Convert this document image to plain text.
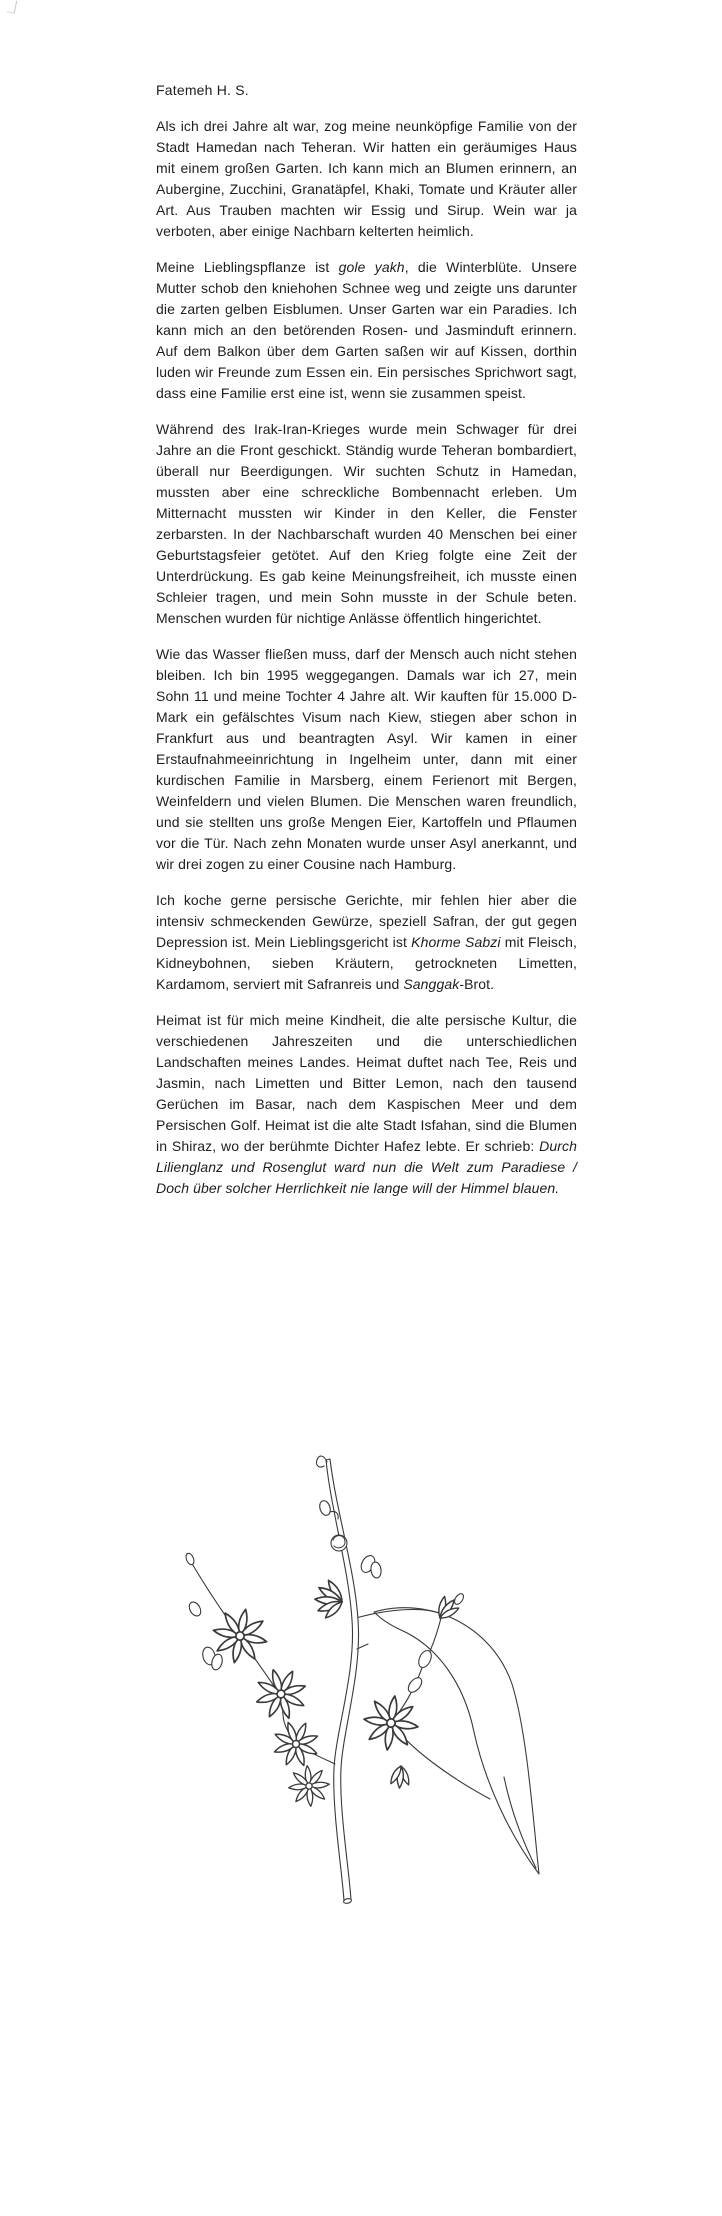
Fatemeh H. S.

Als ich drei Jahre alt war, zog meine neunköpfige Familie von der Stadt Hamedan nach Teheran. Wir hatten ein geräumiges Haus mit einem großen Garten. Ich kann mich an Blumen erinnern, an Aubergine, Zucchini, Granatäpfel, Khaki, Tomate und Kräuter aller Art. Aus Trauben machten wir Essig und Sirup. Wein war ja verboten, aber einige Nachbarn kelterten heimlich.

Meine Lieblingspflanze ist gole yakh, die Winterblüte. Unsere Mutter schob den kniehohen Schnee weg und zeigte uns darunter die zarten gelben Eisblumen. Unser Garten war ein Paradies. Ich kann mich an den betörenden Rosen- und Jasminduft erinnern. Auf dem Balkon über dem Garten saßen wir auf Kissen, dorthin luden wir Freunde zum Essen ein. Ein persisches Sprichwort sagt, dass eine Familie erst eine ist, wenn sie zusammen speist.

Während des Irak-Iran-Krieges wurde mein Schwager für drei Jahre an die Front geschickt. Ständig wurde Teheran bombardiert, überall nur Beerdigungen. Wir suchten Schutz in Hamedan, mussten aber eine schreckliche Bombennacht erleben. Um Mitternacht mussten wir Kinder in den Keller, die Fenster zerbarsten. In der Nachbarschaft wurden 40 Menschen bei einer Geburtstagsfeier getötet. Auf den Krieg folgte eine Zeit der Unterdrückung. Es gab keine Meinungsfreiheit, ich musste einen Schleier tragen, und mein Sohn musste in der Schule beten. Menschen wurden für nichtige Anlässe öffentlich hingerichtet.

Wie das Wasser fließen muss, darf der Mensch auch nicht stehen bleiben. Ich bin 1995 weggegangen. Damals war ich 27, mein Sohn 11 und meine Tochter 4 Jahre alt. Wir kauften für 15.000 D-Mark ein gefälschtes Visum nach Kiew, stiegen aber schon in Frankfurt aus und beantragten Asyl. Wir kamen in einer Erstaufnahmeeinrichtung in Ingelheim unter, dann mit einer kurdischen Familie in Marsberg, einem Ferienort mit Bergen, Weinfeldern und vielen Blumen. Die Menschen waren freundlich, und sie stellten uns große Mengen Eier, Kartoffeln und Pflaumen vor die Tür. Nach zehn Monaten wurde unser Asyl anerkannt, und wir drei zogen zu einer Cousine nach Hamburg.

Ich koche gerne persische Gerichte, mir fehlen hier aber die intensiv schmeckenden Gewürze, speziell Safran, der gut gegen Depression ist. Mein Lieblingsgericht ist Khorme Sabzi mit Fleisch, Kidneybohnen, sieben Kräutern, getrockneten Limetten, Kardamom, serviert mit Safranreis und Sanggak-Brot.

Heimat ist für mich meine Kindheit, die alte persische Kultur, die verschiedenen Jahreszeiten und die unterschiedlichen Landschaften meines Landes. Heimat duftet nach Tee, Reis und Jasmin, nach Limetten und Bitter Lemon, nach den tausend Gerüchen im Basar, nach dem Kaspischen Meer und dem Persischen Golf. Heimat ist die alte Stadt Isfahan, sind die Blumen in Shiraz, wo der berühmte Dichter Hafez lebte. Er schrieb: Durch Lilienglanz und Rosenglut ward nun die Welt zum Paradiese / Doch über solcher Herrlichkeit nie lange will der Himmel blauen.
